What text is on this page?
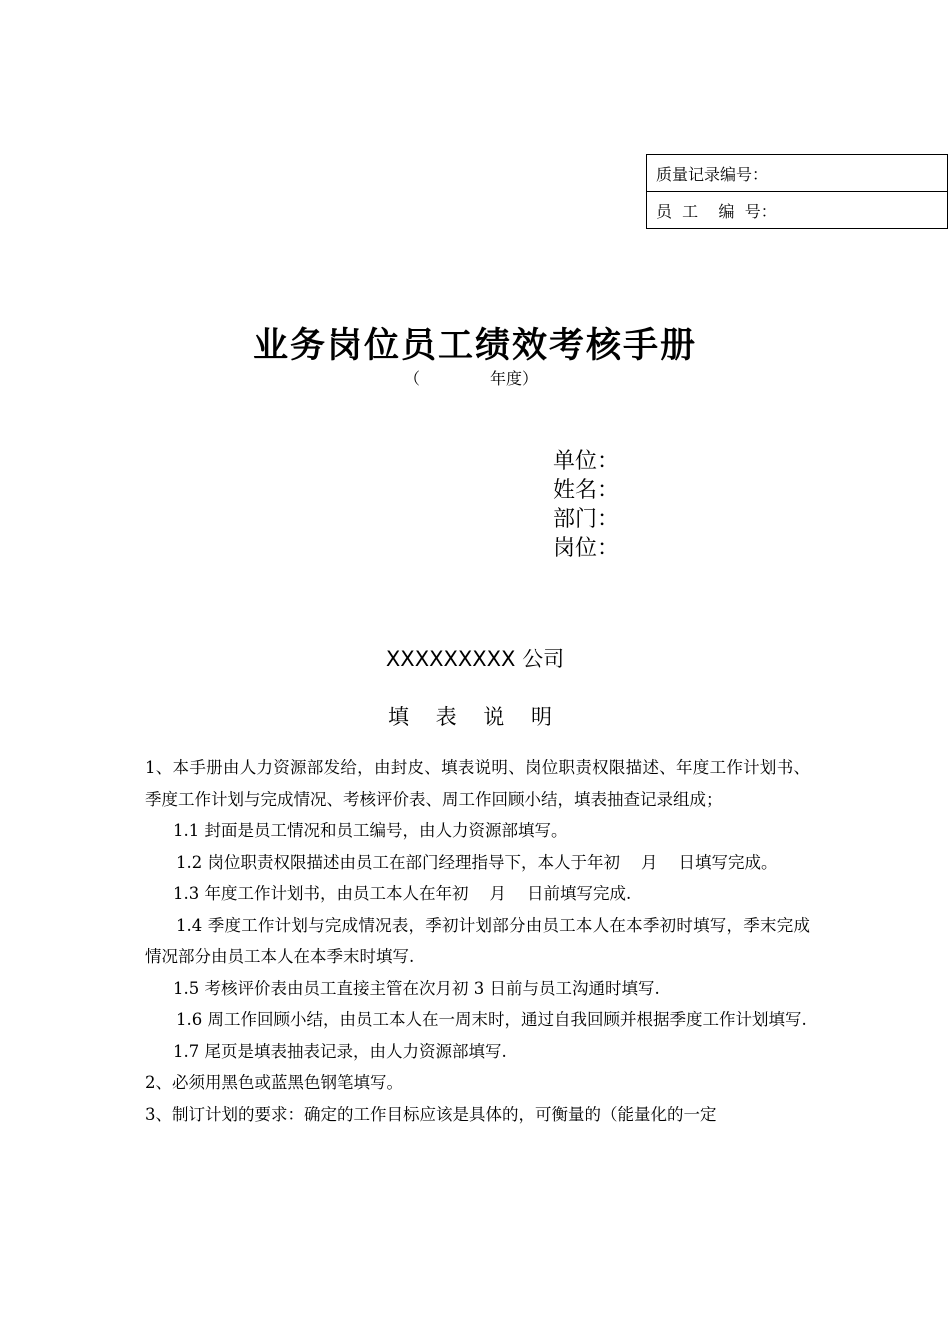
质量记录编号：
员  工    编  号：
业务岗位员工绩效考核手册
（	年度）
单位：
姓名：
部门：
岗位：
XXXXXXXXX 公司
填 表 说 明

1、本手册由人力资源部发给，由封皮、填表说明、岗位职责权限描述、年度工作计划书、季度工作计划与完成情况、考核评价表、周工作回顾小结，填表抽查记录组成；

1.1 封面是员工情况和员工编号，由人力资源部填写。

1.2 岗位职责权限描述由员工在部门经理指导下，本人于年初    月    日填写完成。

1.3 年度工作计划书，由员工本人在年初    月    日前填写完成.

1.4 季度工作计划与完成情况表，季初计划部分由员工本人在本季初时填写，季末完成情况部分由员工本人在本季末时填写.

1.5 考核评价表由员工直接主管在次月初 3 日前与员工沟通时填写.

1.6 周工作回顾小结，由员工本人在一周末时，通过自我回顾并根据季度工作计划填写.

1.7 尾页是填表抽表记录，由人力资源部填写.

2、必须用黑色或蓝黑色钢笔填写。

3、制订计划的要求：确定的工作目标应该是具体的，可衡量的（能量化的一定
